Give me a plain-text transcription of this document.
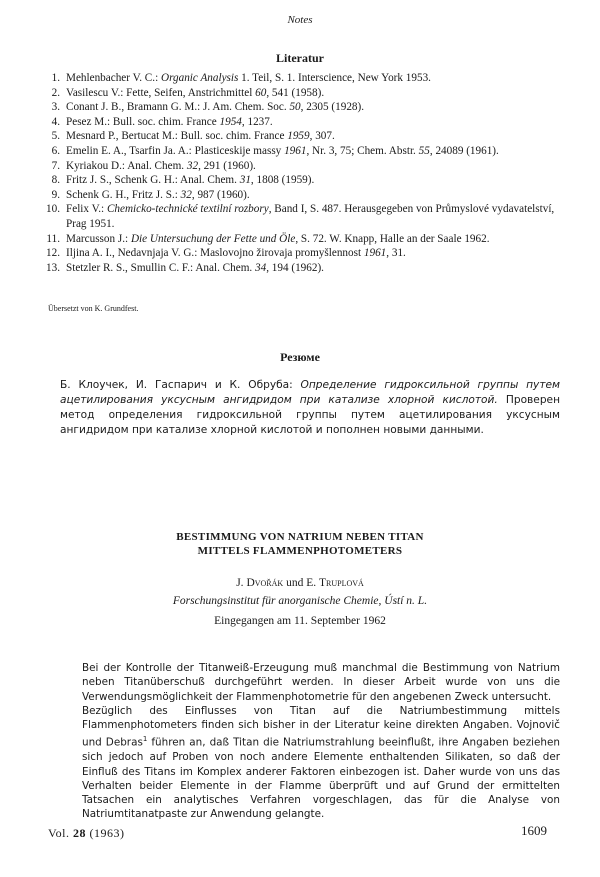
Notes
Literatur
1. Mehlenbacher V. C.: Organic Analysis 1. Teil, S. 1. Interscience, New York 1953.
2. Vasilescu V.: Fette, Seifen, Anstrichmittel 60, 541 (1958).
3. Conant J. B., Bramann G. M.: J. Am. Chem. Soc. 50, 2305 (1928).
4. Pesez M.: Bull. soc. chim. France 1954, 1237.
5. Mesnard P., Bertucat M.: Bull. soc. chim. France 1959, 307.
6. Emelin E. A., Tsarfin Ja. A.: Plasticeskije massy 1961, Nr. 3, 75; Chem. Abstr. 55, 24089 (1961).
7. Kyriakou D.: Anal. Chem. 32, 291 (1960).
8. Fritz J. S., Schenk G. H.: Anal. Chem. 31, 1808 (1959).
9. Schenk G. H., Fritz J. S.: 32, 987 (1960).
10. Felix V.: Chemicko-technické textilní rozbory, Band I, S. 487. Herausgegeben von Průmyslové vydavatelství, Prag 1951.
11. Marcusson J.: Die Untersuchung der Fette und Öle, S. 72. W. Knapp, Halle an der Saale 1962.
12. Iljina A. I., Nedavnjaja V. G.: Maslovojno žirovaja promyšlennost 1961, 31.
13. Stetzler R. S., Smullin C. F.: Anal. Chem. 34, 194 (1962).
Übersetzt von K. Grundfest.
Резюме
Б. Клоучек, И. Гаспарич и К. Обруба: Определение гидроксильной группы путем ацетилирования уксусным ангидридом при катализе хлорной кислотой. Проверен метод определения гидроксильной группы путем ацетилирования уксусным ангидридом при катализе хлорной кислотой и пополнен новыми данными.
BESTIMMUNG VON NATRIUM NEBEN TITAN
MITTELS FLAMMENPHOTOMETERS
J. Dvořák und E. Truplová
Forschungsinstitut für anorganische Chemie, Ústí n. L.
Eingegangen am 11. September 1962

Bei der Kontrolle der Titanweiß-Erzeugung muß manchmal die Bestimmung von Natrium neben Titanüberschuß durchgeführt werden. In dieser Arbeit wurde von uns die Verwendungsmöglichkeit der Flammenphotometrie für den angebenen Zweck untersucht.

Bezüglich des Einflusses von Titan auf die Natriumbestimmung mittels Flammenphotometers finden sich bisher in der Literatur keine direkten Angaben. Vojnovič und Debras$^1$ führen an, daß Titan die Natriumstrahlung beeinflußt, ihre Angaben beziehen sich jedoch auf Proben von noch andere Elemente enthaltenden Silikaten, so daß der Einfluß des Titans im Komplex anderer Faktoren einbezogen ist. Daher wurde von uns das Verhalten beider Elemente in der Flamme überprüft und auf Grund der ermittelten Tatsachen ein analytisches Verfahren vorgeschlagen, das für die Analyse von Natriumtitanatpaste zur Anwendung gelangte.

Vol. 28 (1963)	1609
